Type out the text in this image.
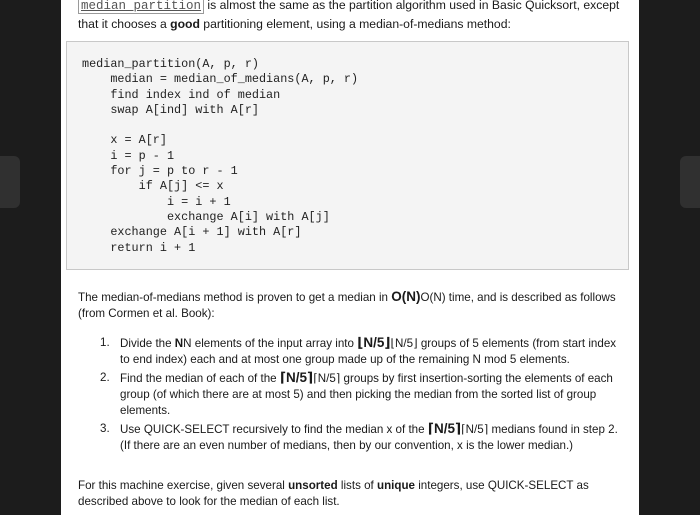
median_partition is almost the same as the partition algorithm used in Basic Quicksort, except that it chooses a good partitioning element, using a median-of-medians method:
median_partition(A, p, r)
median = median_of_medians(A, p, r)
find index ind of median
swap A[ind] with A[r]

x = A[r]
i = p - 1
for j = p to r - 1
if A[j] <= x
i = i + 1
exchange A[i] with A[j]
exchange A[i + 1] with A[r]
return i + 1
The median-of-medians method is proven to get a median in O(N)O(N) time, and is described as follows (from Cormen et al. Book):
1. Divide the NN elements of the input array into ⌊N/5⌋⌊N/5⌋ groups of 5 elements (from start index to end index) each and at most one group made up of the remaining N mod 5 elements.
2. Find the median of each of the ⌈N/5⌉⌈N/5⌉ groups by first insertion-sorting the elements of each group (of which there are at most 5) and then picking the median from the sorted list of group elements.
3. Use QUICK-SELECT recursively to find the median x of the ⌈N/5⌉⌈N/5⌉ medians found in step 2. (If there are an even number of medians, then by our convention, x is the lower median.)
For this machine exercise, given several unsorted lists of unique integers, use QUICK-SELECT as described above to look for the median of each list.
